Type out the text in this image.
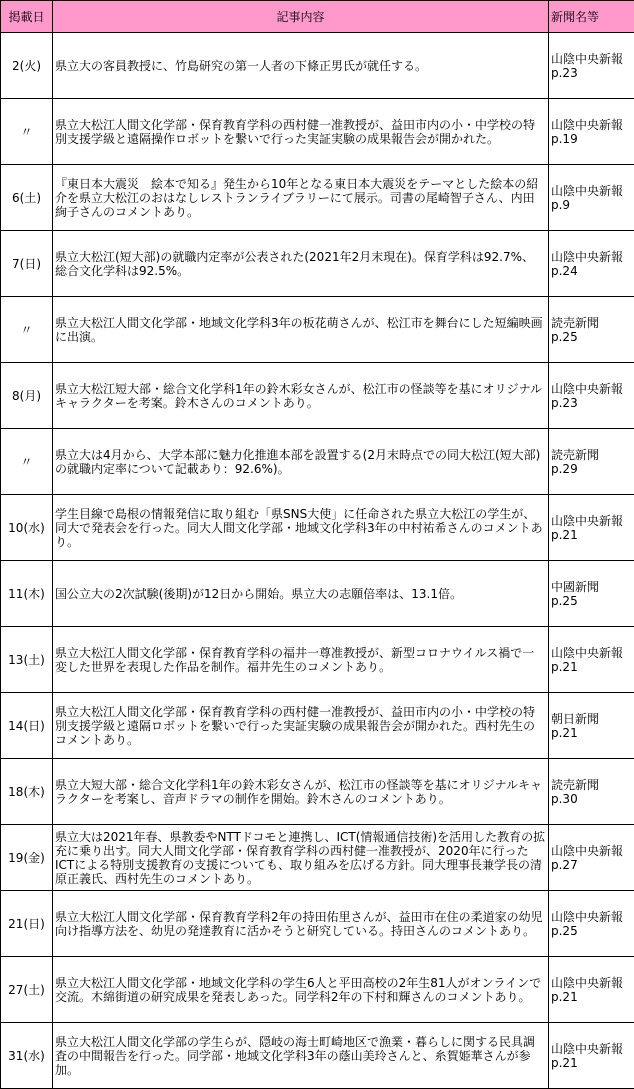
掲載日	記事内容	新聞名等
2(火)	県立大の客員教授に、竹島研究の第一人者の下條正男氏が就任する。	山陰中央新報
p.23

〃	県立大松江人間文化学部・保育教育学科の西村健一准教授が、益田市内の小・中学校の特別支援学級と遠隔操作ロボットを繋いで行った実証実験の成果報告会が開かれた。	山陰中央新報
p.19

6(土)	『東日本大震災　絵本で知る』発生から10年となる東日本大震災をテーマとした絵本の紹介を県立大松江のおはなしレストランライブラリーにて展示。司書の尾崎智子さん、内田絢子さんのコメントあり。	山陰中央新報
p.9

7(日)	県立大松江(短大部)の就職内定率が公表された(2021年2月末現在)。保育学科は92.7%、総合文化学科は92.5%。	山陰中央新報
p.24

〃	県立大松江人間文化学部・地域文化学科3年の板花萌さんが、松江市を舞台にした短編映画に出演。	読売新聞
p.25

8(月)	県立大松江短大部・総合文化学科1年の鈴木彩女さんが、松江市の怪談等を基にオリジナルキャラクターを考案。鈴木さんのコメントあり。	山陰中央新報
p.23

〃	県立大は4月から、大学本部に魅力化推進本部を設置する(2月末時点での同大松江(短大部)の就職内定率について記載あり：92.6%)。	読売新聞
p.29

10(水)	学生目線で島根の情報発信に取り組む「県SNS大使」に任命された県立大松江の学生が、同大で発表会を行った。同大人間文化学部・地域文化学科3年の中村祐希さんのコメントあり。	山陰中央新報
p.21

11(木)	国公立大の2次試験(後期)が12日から開始。県立大の志願倍率は、13.1倍。	中國新聞
p.25

13(土)	県立大松江人間文化学部・保育教育学科の福井一尊准教授が、新型コロナウイルス禍で一変した世界を表現した作品を制作。福井先生のコメントあり。	山陰中央新報
p.21

14(日)	県立大松江人間文化学部・保育教育学科の西村健一准教授が、益田市内の小・中学校の特別支援学級と遠隔ロボットを繋いで行った実証実験の成果報告会が開かれた。西村先生のコメントあり。	朝日新聞
p.21

18(木)	県立大短大部・総合文化学科1年の鈴木彩女さんが、松江市の怪談等を基にオリジナルキャラクターを考案し、音声ドラマの制作を開始。鈴木さんのコメントあり。	読売新聞
p.30

19(金)	県立大は2021年春、県教委やNTTドコモと連携し、ICT(情報通信技術)を活用した教育の拡充に乗り出す。同大人間文化学部・保育教育学科の西村健一准教授が、2020年に行ったICTによる特別支援教育の支援についても、取り組みを広げる方針。同大理事長兼学長の清原正義氏、西村先生のコメントあり。	山陰中央新報
p.27

21(日)	県立大松江人間文化学部・保育教育学科2年の持田佑里さんが、益田市在住の柔道家の幼児向け指導方法を、幼児の発達教育に活かそうと研究している。持田さんのコメントあり。	山陰中央新報
p.25

27(土)	県立大松江人間文化学部・地域文化学科の学生6人と平田高校の2年生81人がオンラインで交流。木綿街道の研究成果を発表しあった。同学科2年の下村和輝さんのコメントあり。	山陰中央新報
p.21

31(水)	県立大松江人間文化学部の学生らが、隠岐の海士町崎地区で漁業・暮らしに関する民具調査の中間報告を行った。同学部・地域文化学科3年の蔭山美玲さんと、糸賀姫華さんが参加。	山陰中央新報
p.21
